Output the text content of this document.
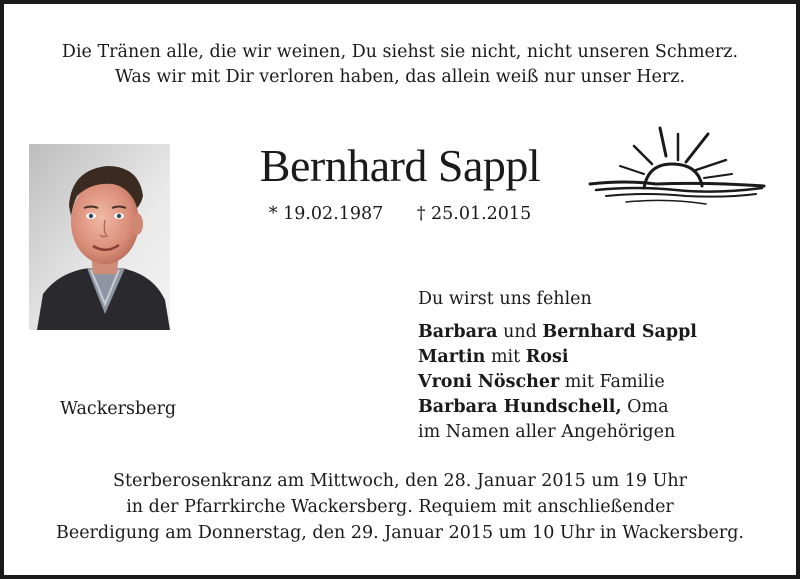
Die Tränen alle, die wir weinen, Du siehst sie nicht, nicht unseren Schmerz.
Was wir mit Dir verloren haben, das allein weiß nur unser Herz.
Bernhard Sappl
* 19.02.1987 † 25.01.2015
Wackersberg
Du wirst uns fehlen
Barbara und Bernhard Sappl
Martin mit Rosi
Vroni Nöscher mit Familie
Barbara Hundschell, Oma
im Namen aller Angehörigen
Sterberosenkranz am Mittwoch, den 28. Januar 2015 um 19 Uhr
in der Pfarrkirche Wackersberg. Requiem mit anschließender
Beerdigung am Donnerstag, den 29. Januar 2015 um 10 Uhr in Wackersberg.
